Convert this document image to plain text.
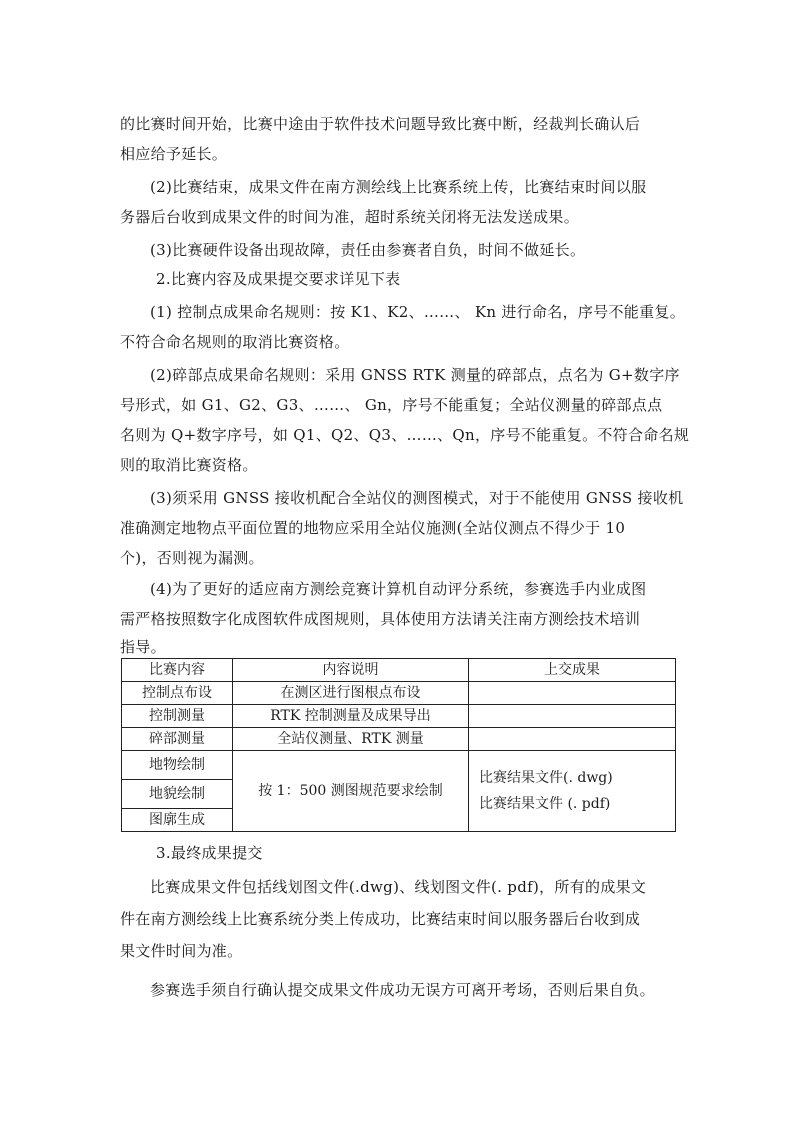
的比赛时间开始，比赛中途由于软件技术问题导致比赛中断，经裁判长确认后

相应给予延长。

(2)比赛结束，成果文件在南方测绘线上比赛系统上传，比赛结束时间以服

务器后台收到成果文件的时间为准，超时系统关闭将无法发送成果。

(3)比赛硬件设备出现故障，责任由参赛者自负，时间不做延长。

2.比赛内容及成果提交要求详见下表

(1) 控制点成果命名规则：按 K1、K2、……、 Kn 进行命名，序号不能重复。

不符合命名规则的取消比赛资格。

(2)碎部点成果命名规则：采用 GNSS RTK 测量的碎部点，点名为 G+数字序

号形式，如 G1、G2、G3、……、 Gn，序号不能重复；全站仪测量的碎部点点

名则为 Q+数字序号，如 Q1、Q2、Q3、……、Qn，序号不能重复。不符合命名规

则的取消比赛资格。

(3)须采用 GNSS 接收机配合全站仪的测图模式，对于不能使用 GNSS 接收机

准确测定地物点平面位置的地物应采用全站仪施测(全站仪测点不得少于 10

个)，否则视为漏测。

(4)为了更好的适应南方测绘竞赛计算机自动评分系统，参赛选手内业成图

需严格按照数字化成图软件成图规则，具体使用方法请关注南方测绘技术培训

指导。

比赛内容	内容说明	上交成果
控制点布设	在测区进行图根点布设	
控制测量	RTK 控制测量及成果导出	
碎部测量	全站仪测量、RTK 测量	
地物绘制	按 1：500 测图规范要求绘制	比赛结果文件(. dwg)
比赛结果文件 (. pdf)

地貌绘制		
图廓生成		

3.最终成果提交

比赛成果文件包括线划图文件(.dwg)、线划图文件(. pdf)，所有的成果文

件在南方测绘线上比赛系统分类上传成功，比赛结束时间以服务器后台收到成

果文件时间为准。

参赛选手须自行确认提交成果文件成功无误方可离开考场，否则后果自负。
